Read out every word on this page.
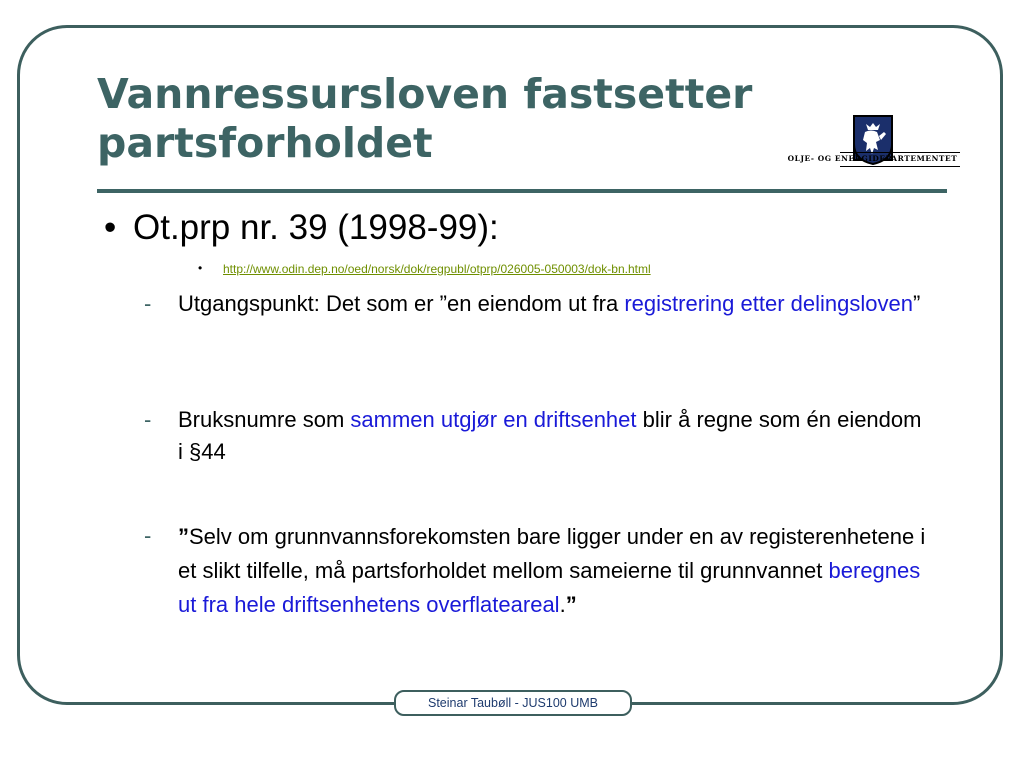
Vannressursloven fastsetter
partsforholdet	OLJE- OG ENERGIDEPARTEMENTET
• Ot.prp nr. 39 (1998-99):
• http://www.odin.dep.no/oed/norsk/dok/regpubl/otprp/026005-050003/dok-bn.html
- Utgangspunkt: Det som er ”en eiendom ut fra registrering etter delingsloven”
- Bruksnumre som sammen utgjør en driftsenhet blir å regne som én eiendom i §44
- ”Selv om grunnvannsforekomsten bare ligger under en av registerenhetene i et slikt tilfelle, må partsforholdet mellom sameierne til grunnvannet beregnes ut fra hele driftsenhetens overflateareal.”
Steinar Taubøll - JUS100 UMB
